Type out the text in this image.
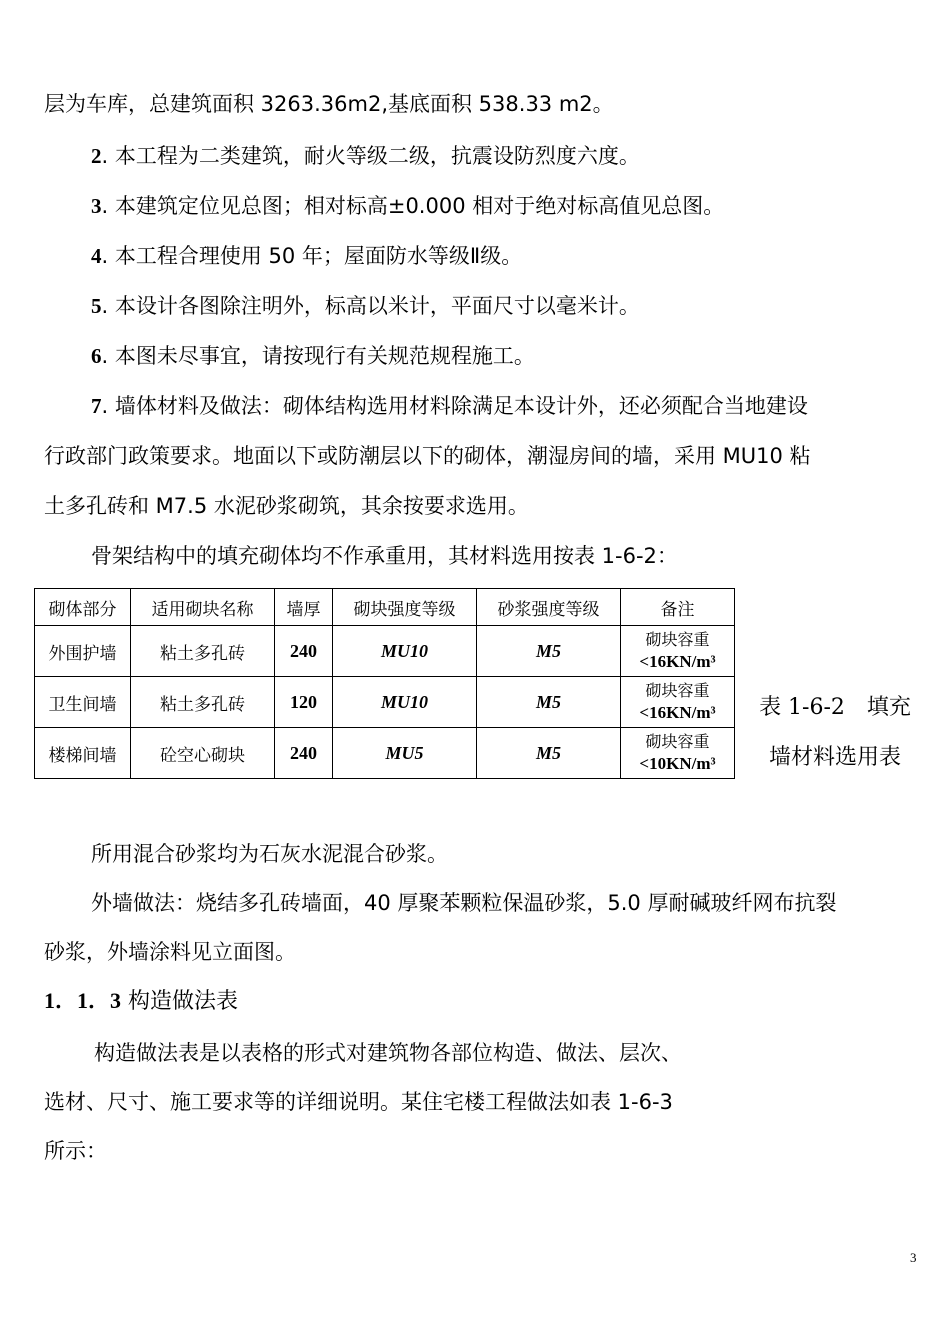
层为车库，总建筑面积 3263.36m2,基底面积 538.33 m2。
2. 本工程为二类建筑，耐火等级二级，抗震设防烈度六度。
3. 本建筑定位见总图；相对标高±0.000 相对于绝对标高值见总图。
4. 本工程合理使用 50 年；屋面防水等级Ⅱ级。
5. 本设计各图除注明外，标高以米计，平面尺寸以毫米计。
6. 本图未尽事宜，请按现行有关规范规程施工。
7. 墙体材料及做法：砌体结构选用材料除满足本设计外，还必须配合当地建设
行政部门政策要求。地面以下或防潮层以下的砌体，潮湿房间的墙，采用 MU10 粘
土多孔砖和 M7.5 水泥砂浆砌筑，其余按要求选用。
骨架结构中的填充砌体均不作承重用，其材料选用按表 1-6-2：
砌体部分	适用砌块名称	墙厚	砌块强度等级	砂浆强度等级	备注
外围护墙	粘土多孔砖	240	MU10	M5	砌块容重
<16KN/m³

卫生间墙	粘土多孔砖	120	MU10	M5	砌块容重
<16KN/m³

楼梯间墙	砼空心砌块	240	MU5	M5	砌块容重
<10KN/m³
表 1-6-2　填充
墙材料选用表
所用混合砂浆均为石灰水泥混合砂浆。
外墙做法：烧结多孔砖墙面，40 厚聚苯颗粒保温砂浆，5.0 厚耐碱玻纤网布抗裂
砂浆，外墙涂料见立面图。
1．1．3 构造做法表
构造做法表是以表格的形式对建筑物各部位构造、做法、层次、
选材、尺寸、施工要求等的详细说明。某住宅楼工程做法如表 1-6-3
所示：
3
